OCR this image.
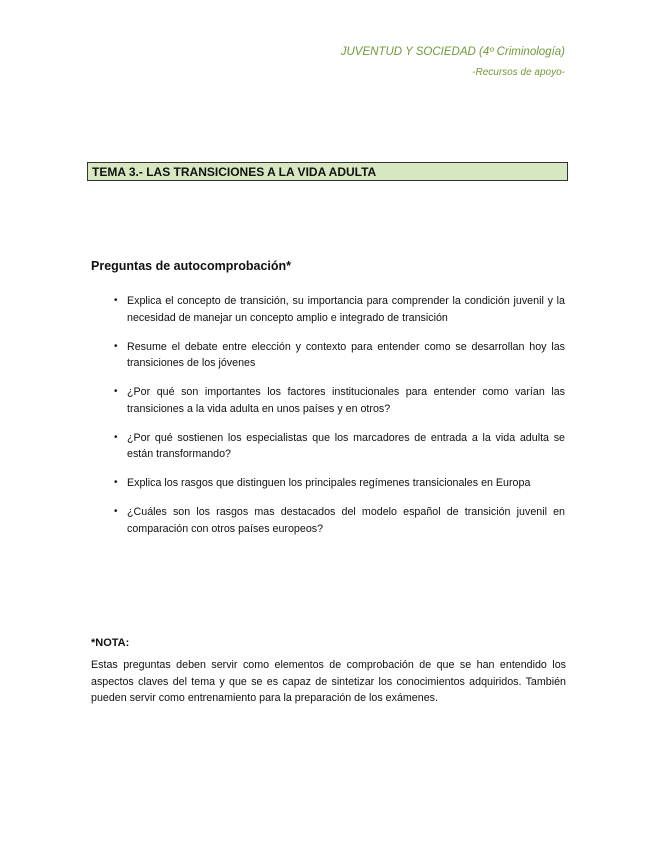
JUVENTUD Y SOCIEDAD (4º Criminología)
-Recursos de apoyo-
TEMA 3.- LAS TRANSICIONES A LA VIDA ADULTA
Preguntas de autocomprobación*
• Explica el concepto de transición, su importancia para comprender la condición juvenil y la necesidad de manejar un concepto amplio e integrado de transición
• Resume el debate entre elección y contexto para entender como se desarrollan hoy las transiciones de los jóvenes
• ¿Por qué son importantes los factores institucionales para entender como varían las transiciones a la vida adulta en unos países y en otros?
• ¿Por qué sostienen los especialistas que los marcadores de entrada a la vida adulta se están transformando?
• Explica los rasgos que distinguen los principales regímenes transicionales en Europa
• ¿Cuáles son los rasgos mas destacados del modelo español de transición juvenil en comparación con otros países europeos?
*NOTA:
Estas preguntas deben servir como elementos de comprobación de que se han entendido los aspectos claves del tema y que se es capaz de sintetizar los conocimientos adquiridos. También pueden servir como entrenamiento para la preparación de los exámenes.
